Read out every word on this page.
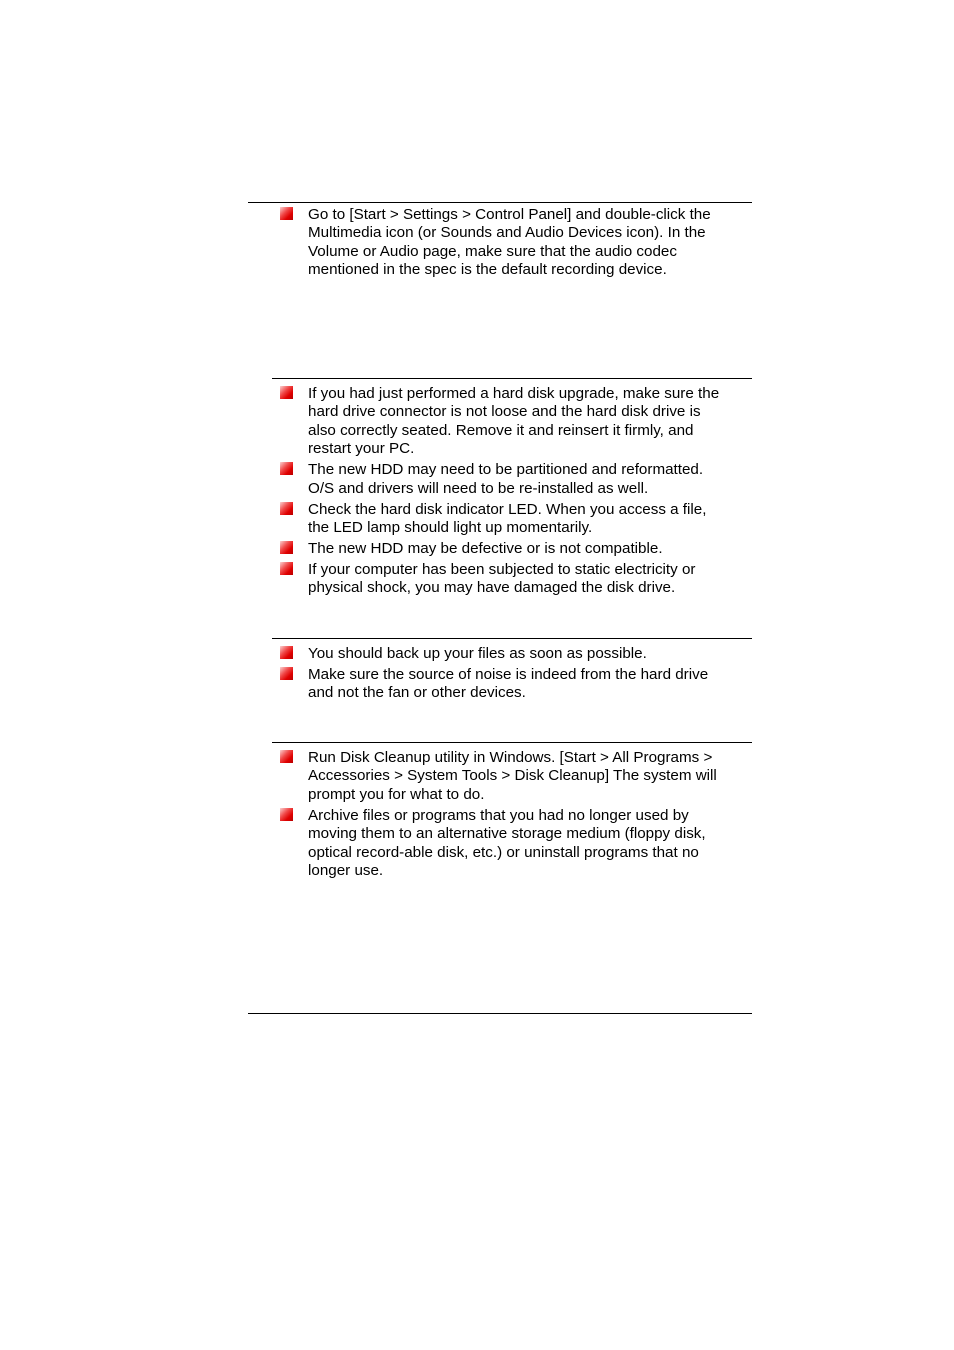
Go to [Start > Settings > Control Panel] and double-click the
Multimedia icon (or Sounds and Audio Devices icon). In the
Volume or Audio page, make sure that the audio codec
mentioned in the spec is the default recording device.
If you had just performed a hard disk upgrade, make sure the
hard drive connector is not loose and the hard disk drive is
also correctly seated. Remove it and reinsert it firmly, and
restart your PC.
The new HDD may need to be partitioned and reformatted.
O/S and drivers will need to be re-installed as well.
Check the hard disk indicator LED. When you access a file,
the LED lamp should light up momentarily.
The new HDD may be defective or is not compatible.
If your computer has been subjected to static electricity or
physical shock, you may have damaged the disk drive.
You should back up your files as soon as possible.
Make sure the source of noise is indeed from the hard drive
and not the fan or other devices.
Run Disk Cleanup utility in Windows. [Start > All Programs >
Accessories > System Tools > Disk Cleanup] The system will
prompt you for what to do.
Archive files or programs that you had no longer used by
moving them to an alternative storage medium (floppy disk,
optical record-able disk, etc.) or uninstall programs that no
longer use.
